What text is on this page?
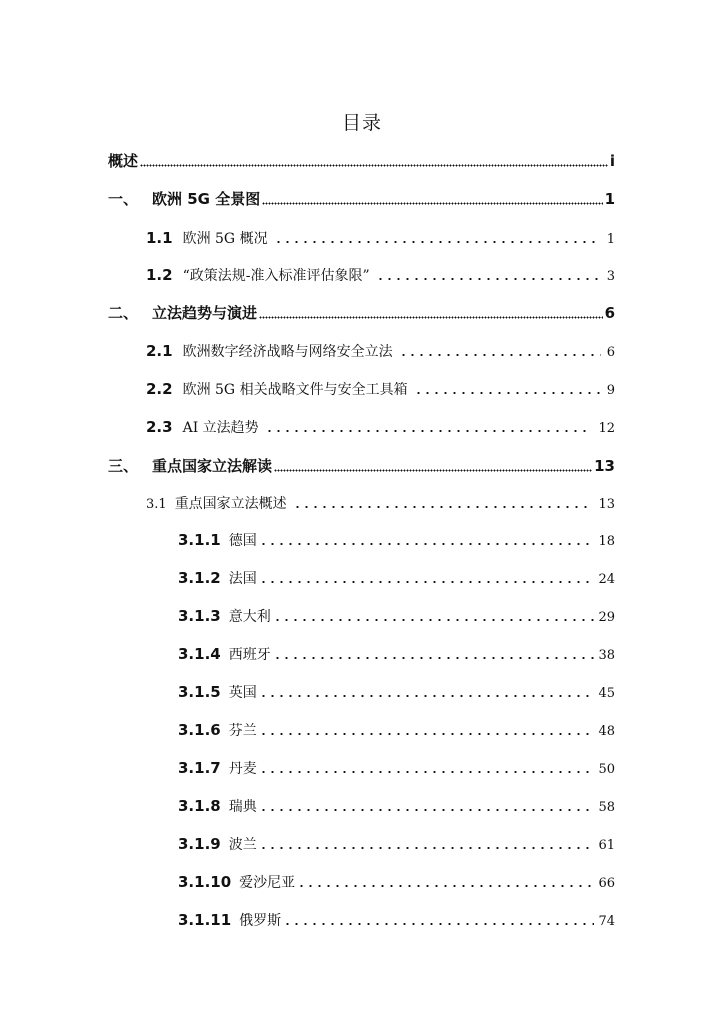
目录
概述	i
一、 欧洲 5G 全景图	1
1.1 欧洲 5G 概况	1
1.2 “政策法规-准入标准评估象限”	3
二、 立法趋势与演进	6
2.1 欧洲数字经济战略与网络安全立法	6
2.2 欧洲 5G 相关战略文件与安全工具箱	9
2.3 AI 立法趋势	12
三、 重点国家立法解读	13
3.1 重点国家立法概述	13
3.1.1 德国	18
3.1.2 法国	24
3.1.3 意大利	29
3.1.4 西班牙	38
3.1.5 英国	45
3.1.6 芬兰	48
3.1.7 丹麦	50
3.1.8 瑞典	58
3.1.9 波兰	61
3.1.10 爱沙尼亚	66
3.1.11 俄罗斯	74
